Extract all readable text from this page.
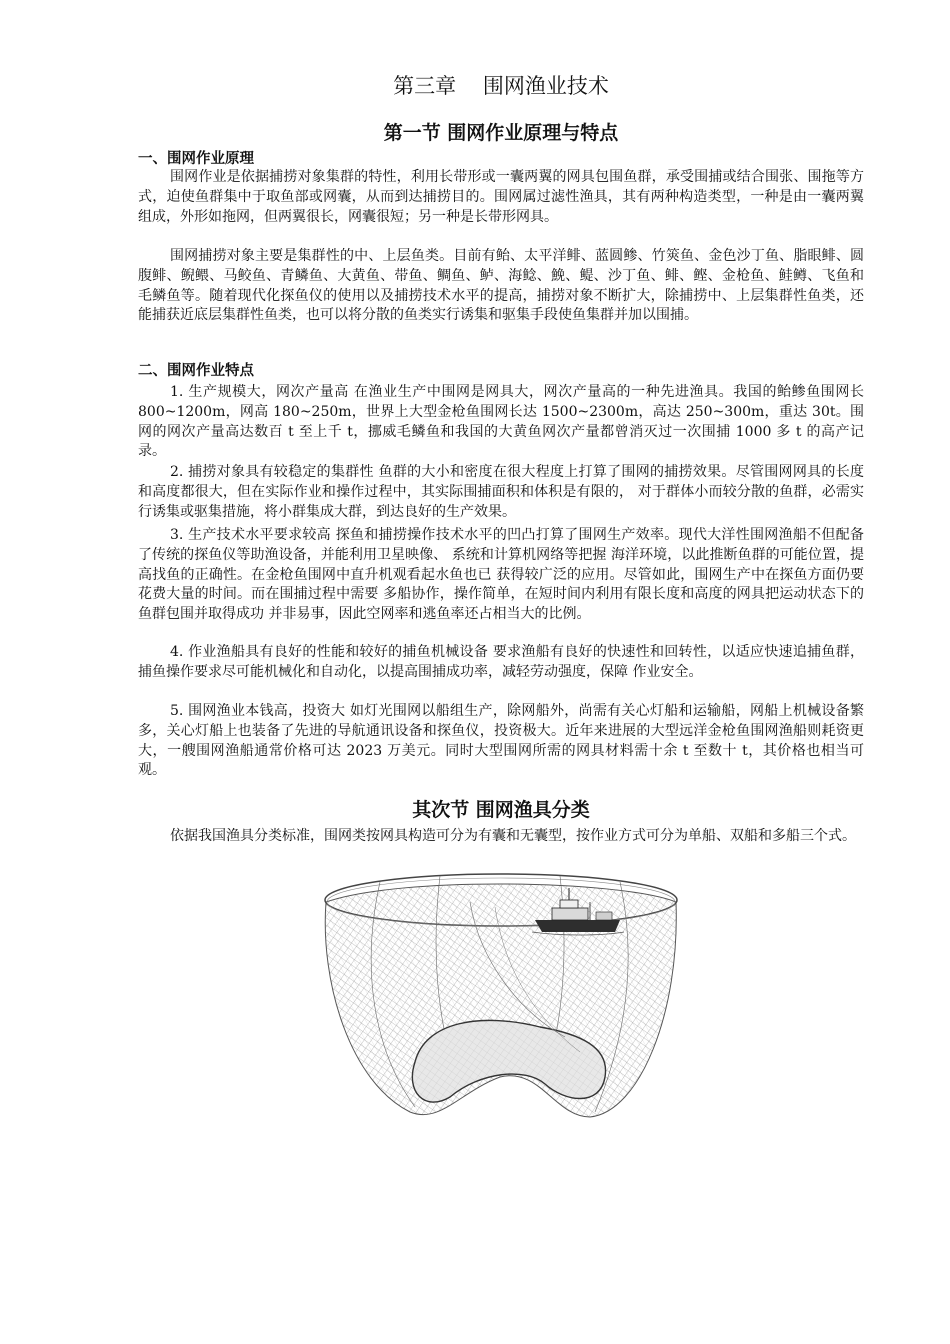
第三章    围网渔业技术
第一节 围网作业原理与特点
一、围网作业原理

围网作业是依据捕捞对象集群的特性，利用长带形或一囊两翼的网具包围鱼群，承受围捕或结合围张、围拖等方式，迫使鱼群集中于取鱼部或网囊，从而到达捕捞目的。围网属过滤性渔具，其有两种构造类型，一种是由一囊两翼组成，外形如拖网，但两翼很长，网囊很短；另一种是长带形网具。

围网捕捞对象主要是集群性的中、上层鱼类。目前有鲐、太平洋鲱、蓝圆鲹、竹筴鱼、金色沙丁鱼、脂眼鲱、圆腹鲱、鲵鳂、马鲛鱼、青鳞鱼、大黄鱼、带鱼、鲷鱼、鲈、海鲶、鮸、鳀、沙丁鱼、鲱、鲣、金枪鱼、鲑鳟、飞鱼和毛鳞鱼等。随着现代化探鱼仪的使用以及捕捞技术水平的提高，捕捞对象不断扩大，除捕捞中、上层集群性鱼类，还能捕获近底层集群性鱼类，也可以将分散的鱼类实行诱集和驱集手段使鱼集群并加以围捕。

二、围网作业特点

1. 生产规模大，网次产量高 在渔业生产中围网是网具大，网次产量高的一种先进渔具。我国的鲐鲹鱼围网长 800~1200m，网高 180~250m，世界上大型金枪鱼围网长达 1500~2300m，高达 250~300m，重达 30t。围网的网次产量高达数百 t 至上千 t，挪威毛鳞鱼和我国的大黄鱼网次产量都曾消灭过一次围捕 1000 多 t 的高产记录。

2. 捕捞对象具有较稳定的集群性 鱼群的大小和密度在很大程度上打算了围网的捕捞效果。尽管围网网具的长度和高度都很大，但在实际作业和操作过程中，其实际围捕面积和体积是有限的， 对于群体小而较分散的鱼群，必需实行诱集或驱集措施，将小群集成大群，到达良好的生产效果。

3. 生产技术水平要求较高 探鱼和捕捞操作技术水平的凹凸打算了围网生产效率。现代大洋性围网渔船不但配备了传统的探鱼仪等助渔设备，并能利用卫星映像、 系统和计算机网络等把握 海洋环境，以此推断鱼群的可能位置，提高找鱼的正确性。在金枪鱼围网中直升机观看起水鱼也已 获得较广泛的应用。尽管如此，围网生产中在探鱼方面仍要花费大量的时间。而在围捕过程中需要 多船协作，操作简单，在短时间内利用有限长度和高度的网具把运动状态下的鱼群包围并取得成功 并非易事，因此空网率和逃鱼率还占相当大的比例。

4. 作业渔船具有良好的性能和较好的捕鱼机械设备 要求渔船有良好的快速性和回转性，以适应快速追捕鱼群，捕鱼操作要求尽可能机械化和自动化，以提高围捕成功率，减轻劳动强度，保障 作业安全。

5. 围网渔业本钱高，投资大 如灯光围网以船组生产，除网船外，尚需有关心灯船和运输船，网船上机械设备繁多，关心灯船上也装备了先进的导航通讯设备和探鱼仪，投资极大。近年来进展的大型远洋金枪鱼围网渔船则耗资更大，一艘围网渔船通常价格可达 2023 万美元。同时大型围网所需的网具材料需十余 t 至数十 t，其价格也相当可观。

其次节 围网渔具分类

依据我国渔具分类标准，围网类按网具构造可分为有囊和无囊型，按作业方式可分为单船、双船和多船三个式。
